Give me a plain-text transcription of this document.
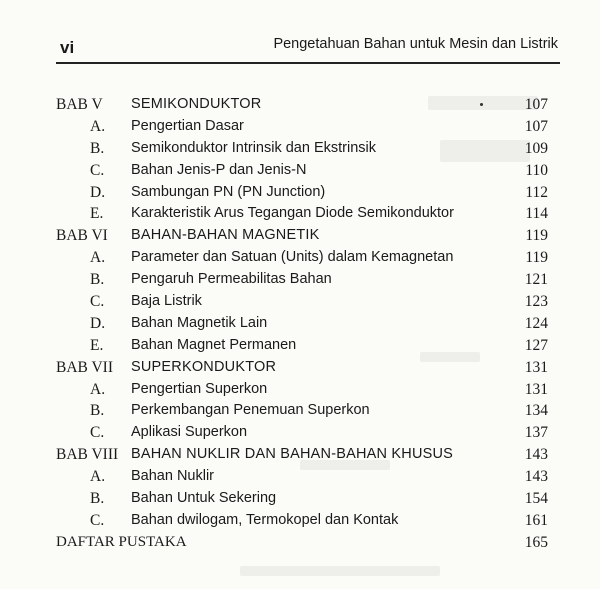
vi	Pengetahuan Bahan untuk Mesin dan Listrik
BAB V SEMIKONDUKTOR	107
A. Pengertian Dasar	107
B. Semikonduktor Intrinsik dan Ekstrinsik	109
C. Bahan Jenis-P dan Jenis-N	110
D. Sambungan PN (PN Junction)	112
E. Karakteristik Arus Tegangan Diode Semikonduktor	114
BAB VI BAHAN-BAHAN MAGNETIK	119
A. Parameter dan Satuan (Units) dalam Kemagnetan	119
B. Pengaruh Permeabilitas Bahan	121
C. Baja Listrik	123
D. Bahan Magnetik Lain	124
E. Bahan Magnet Permanen	127
BAB VII SUPERKONDUKTOR	131
A. Pengertian Superkon	131
B. Perkembangan Penemuan Superkon	134
C. Aplikasi Superkon	137
BAB VIII BAHAN NUKLIR DAN BAHAN-BAHAN KHUSUS	143
A. Bahan Nuklir	143
B. Bahan Untuk Sekering	154
C. Bahan dwilogam, Termokopel dan Kontak	161
DAFTAR PUSTAKA	165
